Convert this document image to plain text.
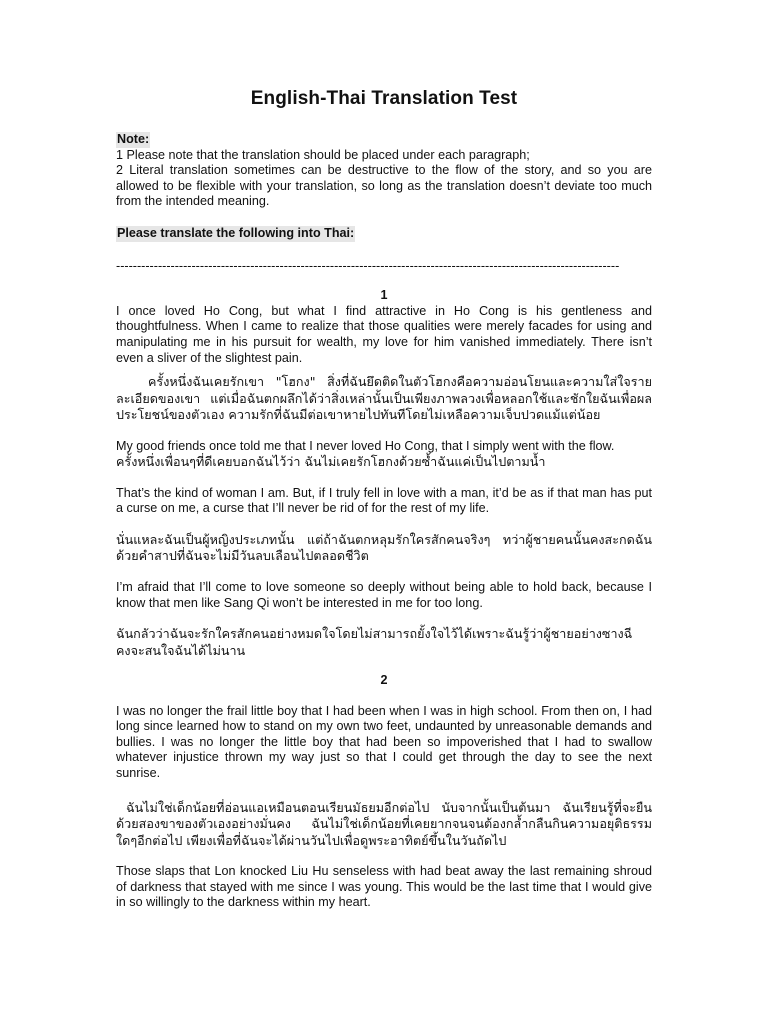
English-Thai Translation Test

Note:

1 Please note that the translation should be placed under each paragraph;

2 Literal translation sometimes can be destructive to the flow of the story, and so you are allowed to be flexible with your translation, so long as the translation doesn’t deviate too much from the intended meaning.

Please translate the following into Thai:

------------------------------------------------------------------------------------------------------------------------
1

I once loved Ho Cong, but what I find attractive in Ho Cong is his gentleness and thoughtfulness. When I came to realize that those qualities were merely facades for using and manipulating me in his pursuit for wealth, my love for him vanished immediately. There isn’t even a sliver of the slightest pain.

ครั้งหนึ่งฉันเคยรักเขา "โฮกง" สิ่งที่ฉันยึดติดในตัวโฮกงคือความอ่อนโยนและความใส่ใจรายละเอียดของเขา แต่เมื่อฉันตกผลึกได้ว่าสิ่งเหล่านั้นเป็นเพียงภาพลวงเพื่อหลอกใช้และชักใยฉันเพื่อผลประโยชน์ของตัวเอง ความรักที่ฉันมีต่อเขาหายไปทันทีโดยไม่เหลือความเจ็บปวดแม้แต่น้อย

My good friends once told me that I never loved Ho Cong, that I simply went with the flow.

ครั้งหนึ่งเพื่อนๆที่ดีเคยบอกฉันไว้ว่า ฉันไม่เคยรักโฮกงด้วยซ้ำฉันแค่เป็นไปตามน้ำ

That’s the kind of woman I am. But, if I truly fell in love with a man, it’d be as if that man has put a curse on me, a curse that I’ll never be rid of for the rest of my life.

นั่นแหละฉันเป็นผู้หญิงประเภทนั้น แต่ถ้าฉันตกหลุมรักใครสักคนจริงๆ ทว่าผู้ชายคนนั้นคงสะกดฉันด้วยคำสาปที่ฉันจะไม่มีวันลบเลือนไปตลอดชีวิต

I’m afraid that I’ll come to love someone so deeply without being able to hold back, because I know that men like Sang Qi won’t be interested in me for too long.

ฉันกลัวว่าฉันจะรักใครสักคนอย่างหมดใจโดยไม่สามารถยั้งใจไว้ได้เพราะฉันรู้ว่าผู้ชายอย่างซางฉีคงจะสนใจฉันได้ไม่นาน

2

I was no longer the frail little boy that I had been when I was in high school. From then on, I had long since learned how to stand on my own two feet, undaunted by unreasonable demands and bullies. I was no longer the little boy that had been so impoverished that I had to swallow whatever injustice thrown my way just so that I could get through the day to see the next sunrise.

ฉันไม่ใช่เด็กน้อยที่อ่อนแอเหมือนตอนเรียนมัธยมอีกต่อไป นับจากนั้นเป็นต้นมา ฉันเรียนรู้ที่จะยืนด้วยสองขาของตัวเองอย่างมั่นคง ฉันไม่ใช่เด็กน้อยที่เคยยากจนจนต้องกล้ำกลืนกินความอยุติธรรมใดๆอีกต่อไป เพียงเพื่อที่ฉันจะได้ผ่านวันไปเพื่อดูพระอาทิตย์ขึ้นในวันถัดไป

Those slaps that Lon knocked Liu Hu senseless with had beat away the last remaining shroud of darkness that stayed with me since I was young. This would be the last time that I would give in so willingly to the darkness within my heart.
